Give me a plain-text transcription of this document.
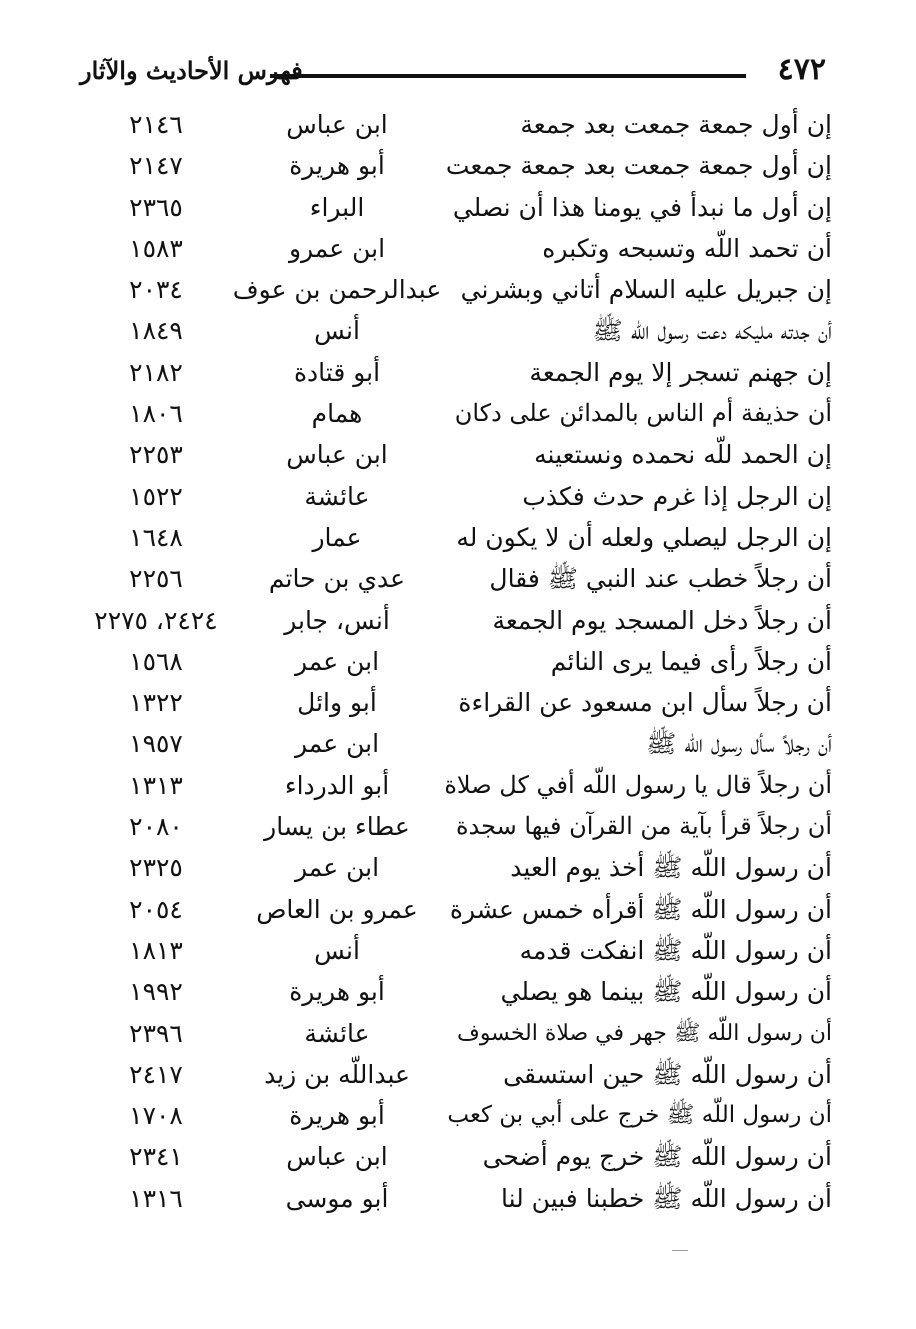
٤٧٢
فهرس الأحاديث والآثار
إن أول جمعة جمعت بعد جمعة
ابن عباس
٢١٤٦
إن أول جمعة جمعت بعد جمعة جمعت
أبو هريرة
٢١٤٧
إن أول ما نبدأ في يومنا هذا أن نصلي
البراء
٢٣٦٥
أن تحمد اللّه وتسبحه وتكبره
ابن عمرو
١٥٨٣
إن جبريل عليه السلام أتاني وبشرني
عبدالرحمن بن عوف
٢٠٣٤
أن جدته مليكه دعت رسول اللّه ﷺ
أنس
١٨٤٩
إن جهنم تسجر إلا يوم الجمعة
أبو قتادة
٢١٨٢
أن حذيفة أم الناس بالمدائن على دكان
همام
١٨٠٦
إن الحمد للّه نحمده ونستعينه
ابن عباس
٢٢٥٣
إن الرجل إذا غرم حدث فكذب
عائشة
١٥٢٢
إن الرجل ليصلي ولعله أن لا يكون له
عمار
١٦٤٨
أن رجلاً خطب عند النبي ﷺ فقال
عدي بن حاتم
٢٢٥٦
أن رجلاً دخل المسجد يوم الجمعة
أنس، جابر
٢٤٢٤، ٢٢٧٥
أن رجلاً رأى فيما يرى النائم
ابن عمر
١٥٦٨
أن رجلاً سأل ابن مسعود عن القراءة
أبو وائل
١٣٢٢
أن رجلاً سأل رسول اللّه ﷺ
ابن عمر
١٩٥٧
أن رجلاً قال يا رسول اللّه أفي كل صلاة
أبو الدرداء
١٣١٣
أن رجلاً قرأ بآية من القرآن فيها سجدة
عطاء بن يسار
٢٠٨٠
أن رسول اللّه ﷺ أخذ يوم العيد
ابن عمر
٢٣٢٥
أن رسول اللّه ﷺ أقرأه خمس عشرة
عمرو بن العاص
٢٠٥٤
أن رسول اللّه ﷺ انفكت قدمه
أنس
١٨١٣
أن رسول اللّه ﷺ بينما هو يصلي
أبو هريرة
١٩٩٢
أن رسول اللّه ﷺ جهر في صلاة الخسوف
عائشة
٢٣٩٦
أن رسول اللّه ﷺ حين استسقى
عبداللّه بن زيد
٢٤١٧
أن رسول اللّه ﷺ خرج على أبي بن كعب
أبو هريرة
١٧٠٨
أن رسول اللّه ﷺ خرج يوم أضحى
ابن عباس
٢٣٤١
أن رسول اللّه ﷺ خطبنا فبين لنا
أبو موسى
١٣١٦
